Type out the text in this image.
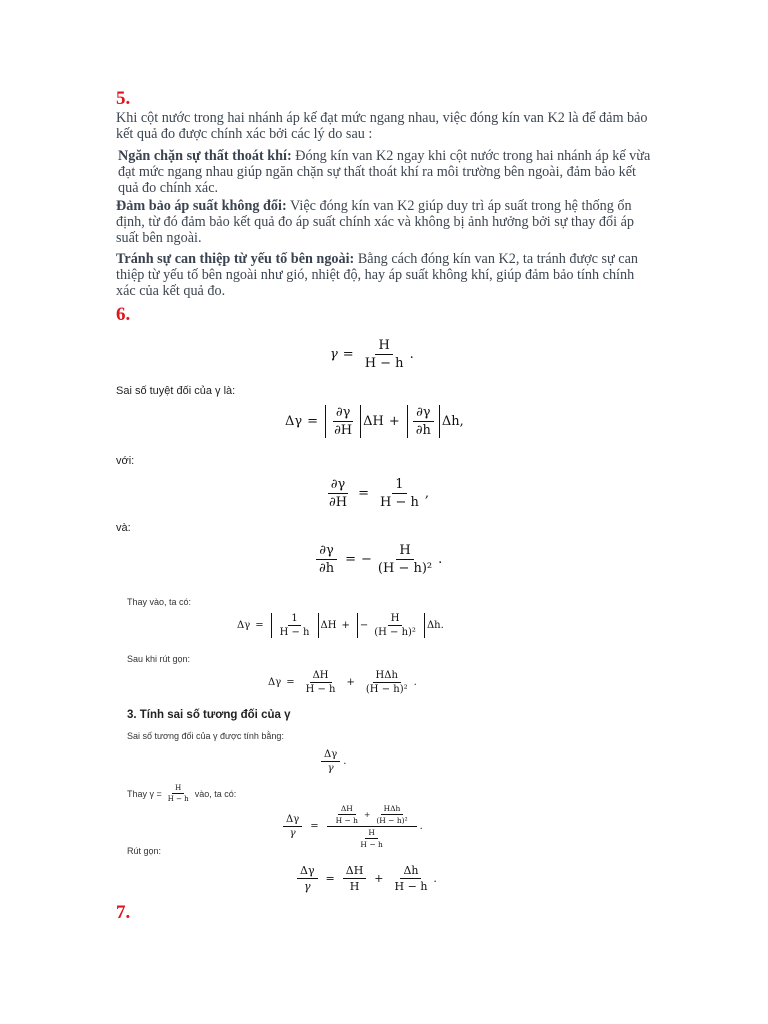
5.
Khi cột nước trong hai nhánh áp kế đạt mức ngang nhau, việc đóng kín van K2 là để đảm bảo kết quả đo được chính xác bởi các lý do sau :
Ngăn chặn sự thất thoát khí: Đóng kín van K2 ngay khi cột nước trong hai nhánh áp kế vừa đạt mức ngang nhau giúp ngăn chặn sự thất thoát khí ra môi trường bên ngoài, đảm bảo kết quả đo chính xác.
Đảm bảo áp suất không đổi: Việc đóng kín van K2 giúp duy trì áp suất trong hệ thống ổn định, từ đó đảm bảo kết quả đo áp suất chính xác và không bị ảnh hưởng bởi sự thay đổi áp suất bên ngoài.
Tránh sự can thiệp từ yếu tố bên ngoài: Bằng cách đóng kín van K2, ta tránh được sự can thiệp từ yếu tố bên ngoài như gió, nhiệt độ, hay áp suất không khí, giúp đảm bảo tính chính xác của kết quả đo.
6.
$\gamma = \frac{H}{H - h}$ .
Sai số tuyệt đối của γ là:
$\Delta\gamma = \frac{\partial\gamma}{\partial H}$ $\Delta H + \frac{\partial\gamma}{\partial h}$ Δh ,
với:
$\frac{\partial\gamma}{\partial H} = \frac{1}{H - h}$ ,
và:
$\frac{\partial\gamma}{\partial h}$ = − $\frac{H}{\text{(H − h)²}}$ .
Thay vào, ta có:
$\Delta\gamma = \frac{1}{H - h}$ ΔH + − $\frac{H}{\text{(H − h)²}}$ Δh .
Sau khi rút gọn:
$\Delta\gamma = \frac{\Delta H}{H - h} + \frac{\text{HΔh}}{\text{(H − h)²}}$ .
3. Tính sai số tương đối của γ
Sai số tương đối của γ được tính bằng:
$\frac{\Delta\gamma}{\gamma}$ .
Thay $\gamma = \frac{H}{H - h}$ vào, ta có:
$\frac{\Delta\gamma}{\gamma}$ =
$\frac{\Delta H}{H - h} + \frac{\text{HΔh}}{\text{(H − h)²}}$
$\frac{H}{H - h}$
.
Rút gọn:
$\frac{\Delta\gamma}{\gamma} = \frac{\Delta H}{H} + \frac{\Delta h}{H - h}$ .
7.
